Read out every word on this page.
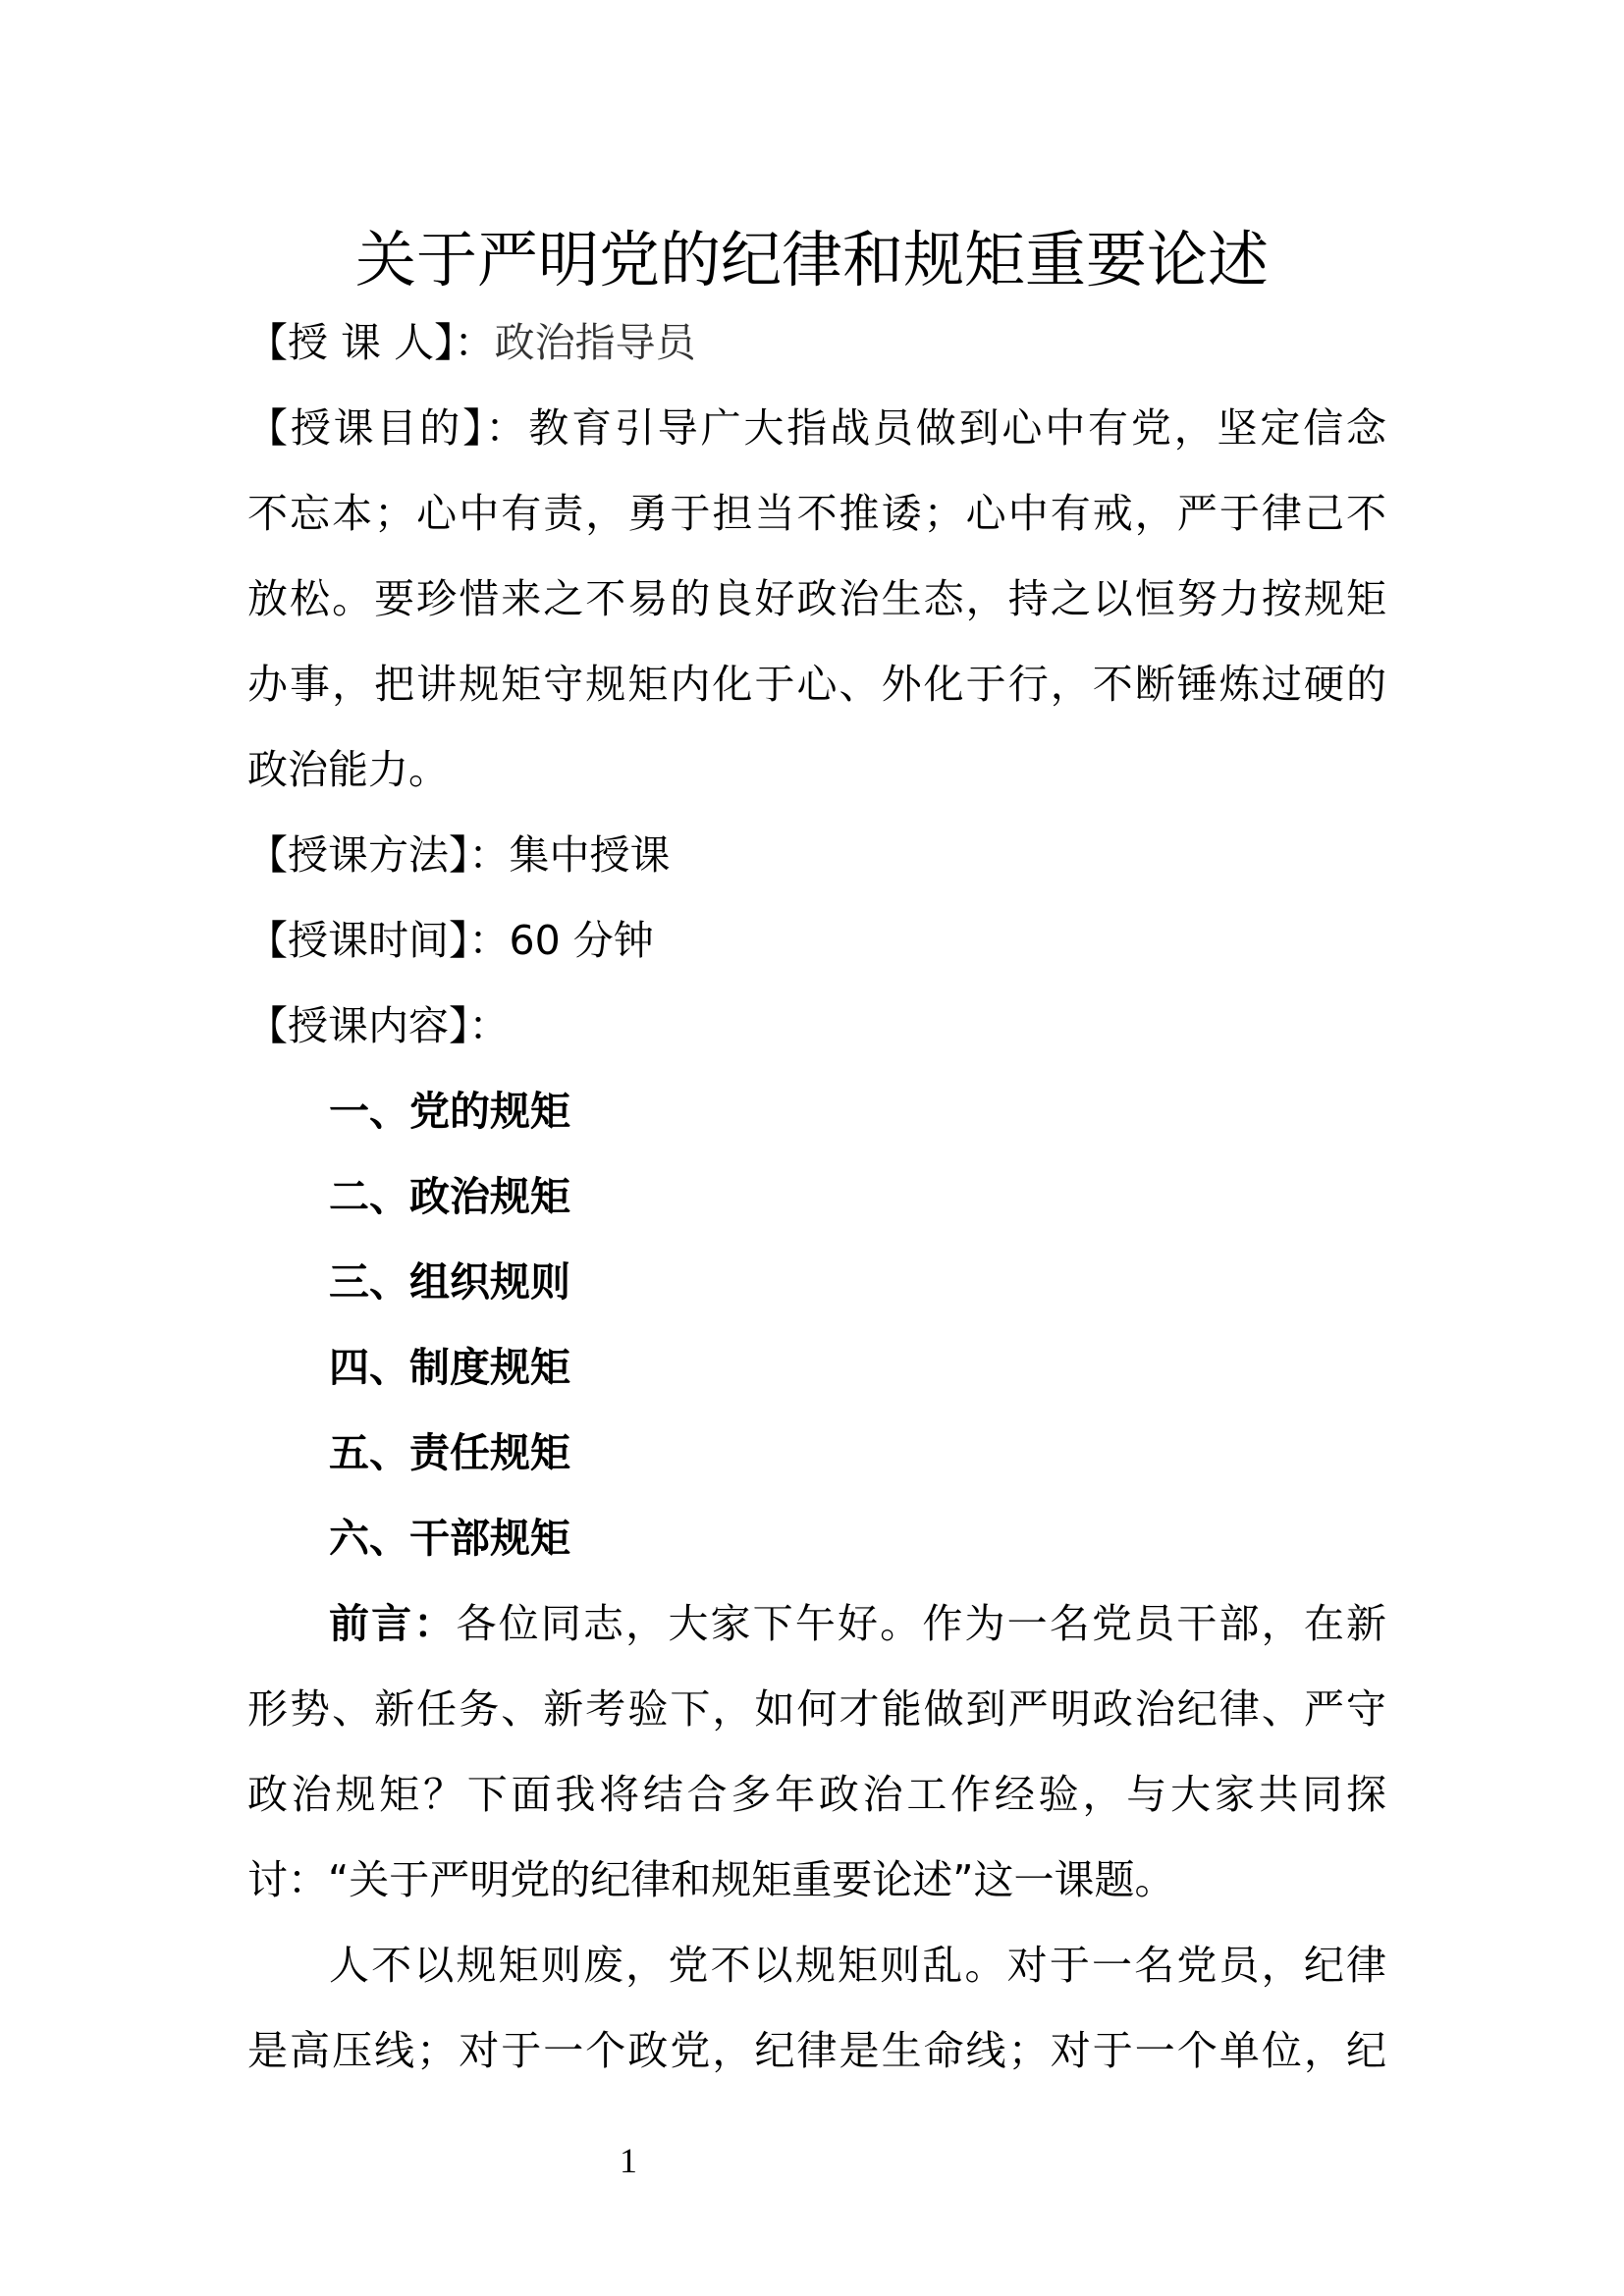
关于严明党的纪律和规矩重要论述
【授 课 人】：政治指导员
【授课目的】：教育引导广大指战员做到心中有党，坚定信念
不忘本；心中有责，勇于担当不推诿；心中有戒，严于律己不
放松。要珍惜来之不易的良好政治生态，持之以恒努力按规矩
办事，把讲规矩守规矩内化于心、外化于行，不断锤炼过硬的
政治能力。
【授课方法】：集中授课
【授课时间】：60 分钟
【授课内容】：
一、党的规矩
二、政治规矩
三、组织规则
四、制度规矩
五、责任规矩
六、干部规矩
前言：各位同志，大家下午好。作为一名党员干部，在新
形势、新任务、新考验下，如何才能做到严明政治纪律、严守
政治规矩？下面我将结合多年政治工作经验，与大家共同探
讨：“关于严明党的纪律和规矩重要论述”这一课题。
人不以规矩则废，党不以规矩则乱。对于一名党员，纪律
是高压线；对于一个政党，纪律是生命线；对于一个单位，纪
1
